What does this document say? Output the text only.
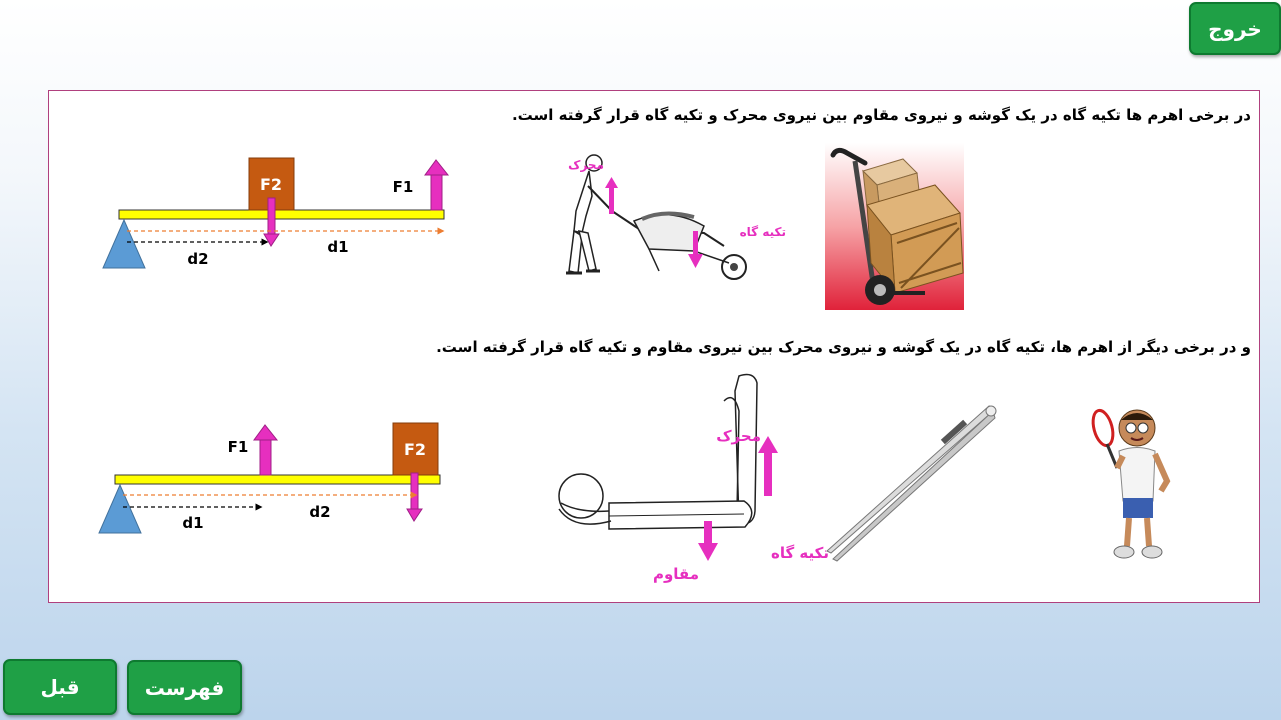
خروج
در برخی اهرم ها تکیه گاه در یک گوشه و نیروی مقاوم بین نیروی محرک و تکیه گاه قرار گرفته است.
و در برخی دیگر از اهرم ها، تکیه گاه در یک گوشه و نیروی محرک بین نیروی مقاوم و تکیه گاه قرار گرفته است.
F2	F1
d2
d1
محرک
تکیه گاه
F1	F2
d1
d2
محرک
مقاوم
تکیه گاه
قبل	فهرست
